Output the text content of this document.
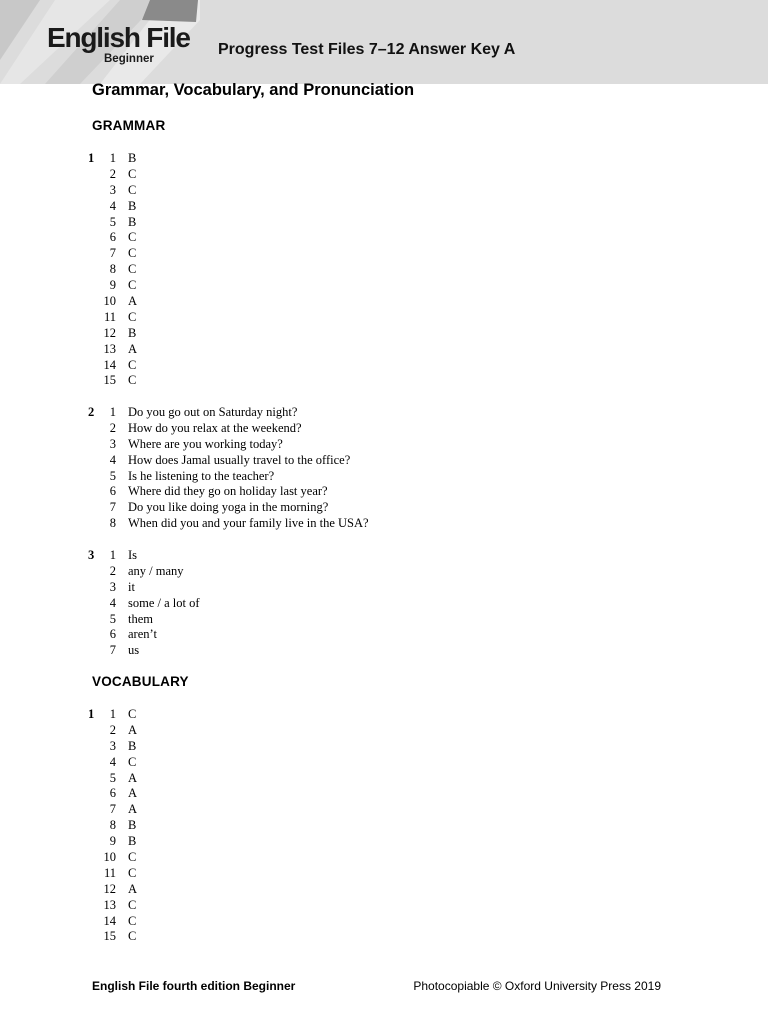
English File
Beginner
Progress Test Files 7–12 Answer Key A
Grammar, Vocabulary, and Pronunciation
GRAMMAR
1	1 B
2 C
3 C
4 B
5 B
6 C
7 C
8 C
9 C
10 A
11 C
12 B
13 A
14 C
15 C
2	1 Do you go out on Saturday night?
2 How do you relax at the weekend?
3 Where are you working today?
4 How does Jamal usually travel to the office?
5 Is he listening to the teacher?
6 Where did they go on holiday last year?
7 Do you like doing yoga in the morning?
8 When did you and your family live in the USA?
3	1 Is
2 any / many
3 it
4 some / a lot of
5 them
6 aren’t
7 us
VOCABULARY
1	1 C
2 A
3 B
4 C
5 A
6 A
7 A
8 B
9 B
10 C
11 C
12 A
13 C
14 C
15 C
English File fourth edition Beginner	Photocopiable © Oxford University Press 2019
